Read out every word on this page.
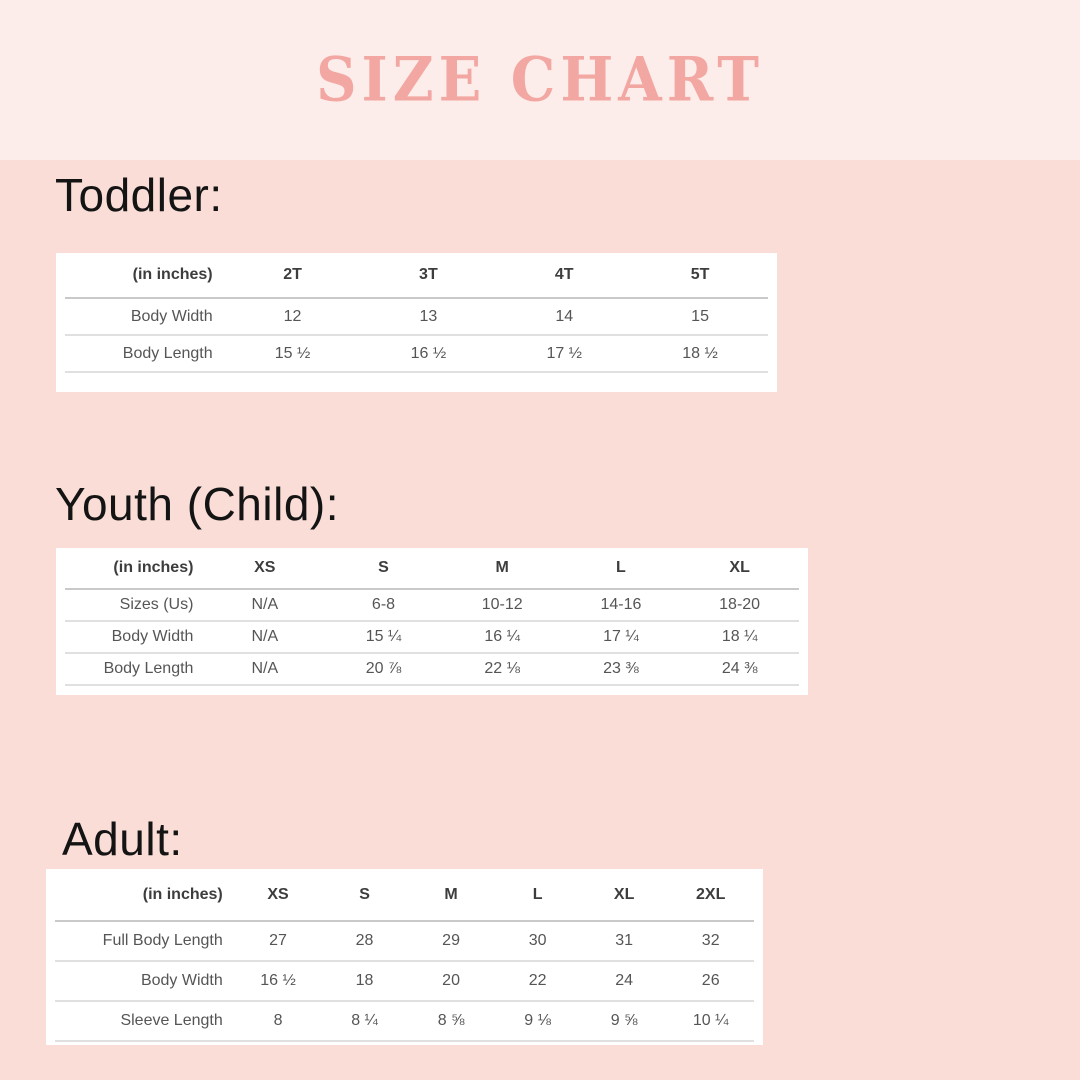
SIZE CHART
Toddler:
(in inches)	2T	3T	4T	5T
Body Width	12	13	14	15
Body Length	15 ½	16 ½	17 ½	18 ½
Youth (Child):
(in inches)	XS	S	M	L	XL
Sizes (Us)	N/A	6-8	10-12	14-16	18-20
Body Width	N/A	15 ¼	16 ¼	17 ¼	18 ¼
Body Length	N/A	20 ⅞	22 ⅛	23 ⅜	24 ⅜
Adult:
(in inches)	XS	S	M	L	XL	2XL
Full Body Length	27	28	29	30	31	32
Body Width	16 ½	18	20	22	24	26
Sleeve Length	8	8 ¼	8 ⅝	9 ⅛	9 ⅝	10 ¼
